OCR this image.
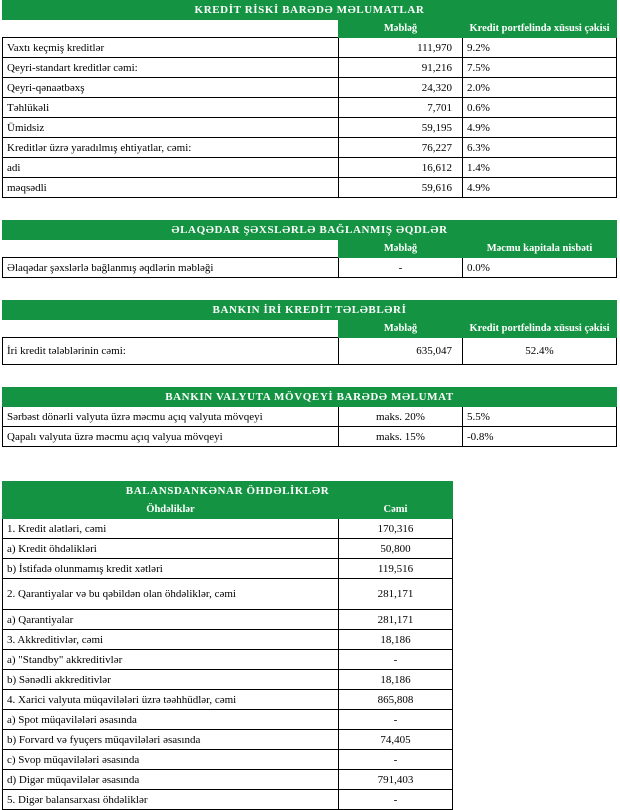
KREDİT RİSKİ BARƏDƏ MƏLUMATLAR		
	Məbləğ	Kredit portfelində xüsusi çəkisi
Vaxtı keçmiş kreditlər	111,970	9.2%
Qeyri-standart kreditlər cəmi:	91,216	7.5%
Qeyri-qənaətbəxş	24,320	2.0%
Təhlükəli	7,701	0.6%
Ümidsiz	59,195	4.9%
Kreditlər üzrə yaradılmış ehtiyatlar, cəmi:	76,227	6.3%
adi	16,612	1.4%
məqsədli	59,616	4.9%
ƏLAQƏDAR ŞƏXSLƏRLƏ BAĞLANMIŞ ƏQDLƏR		
	Məbləğ	Məcmu kapitala nisbəti
Əlaqədar şəxslərlə bağlanmış əqdlərin məbləği	-	0.0%
BANKIN İRİ KREDİT TƏLƏBLƏRİ		
	Məbləğ	Kredit portfelində xüsusi çəkisi
İri kredit tələblərinin cəmi:	635,047	52.4%
BANKIN VALYUTA MÖVQEYİ BARƏDƏ MƏLUMAT		
Sərbəst dönərli valyuta üzrə məcmu açıq valyuta mövqeyi	maks. 20%	5.5%
Qapalı valyuta üzrə məcmu açıq valyua mövqeyi	maks. 15%	-0.8%
BALANSDANKƏNAR ÖHDƏLİKLƏR	
Öhdəliklər	Cəmi
1. Kredit alətləri, cəmi	170,316
a) Kredit öhdəlikləri	50,800
b) İstifadə olunmamış kredit xətləri	119,516
2. Qarantiyalar və bu qəbildən olan öhdəliklər, cəmi	281,171
a) Qarantiyalar	281,171
3. Akkreditivlər, cəmi	18,186
a) "Standby" akkreditivlər	-
b) Sənədli akkreditivlər	18,186
4. Xarici valyuta müqavilələri üzrə təəhhüdlər, cəmi	865,808
a) Spot müqavilələri əsasında	-
b) Forvard və fyuçers müqavilələri əsasında	74,405
c) Svop müqavilələri əsasında	-
d) Digər müqavilələr əsasında	791,403
5. Digər balansarxası öhdəliklər	-
